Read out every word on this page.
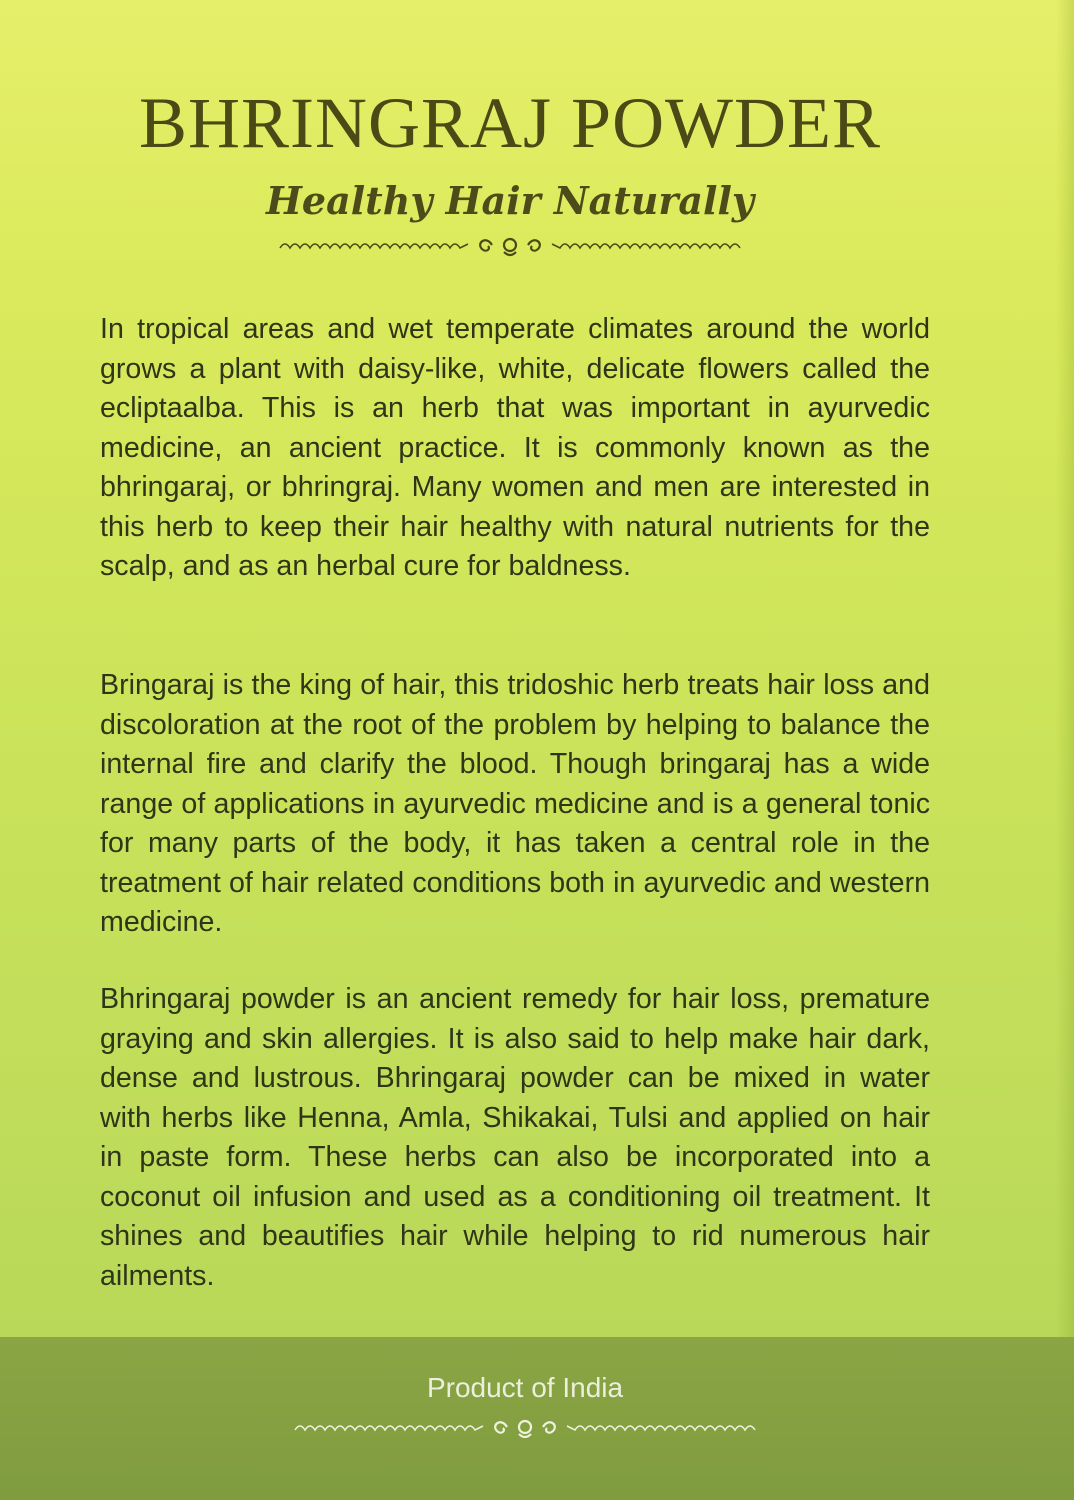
BHRINGRAJ POWDER

Healthy Hair Naturally

In tropical areas and wet temperate climates around the world grows a plant with daisy-like, white, delicate flowers called the ecliptaalba. This is an herb that was important in ayurvedic medicine, an ancient practice. It is commonly known as the bhringaraj, or bhringraj. Many women and men are interested in this herb to keep their hair healthy with natural nutrients for the scalp, and as an herbal cure for baldness.

Bringaraj is the king of hair, this tridoshic herb treats hair loss and discoloration at the root of the problem by helping to balance the internal fire and clarify the blood. Though bringaraj has a wide range of applications in ayurvedic medicine and is a general tonic for many parts of the body, it has taken a central role in the treatment of hair related conditions both in ayurvedic and western medicine.

Bhringaraj powder is an ancient remedy for hair loss, premature graying and skin allergies. It is also said to help make hair dark, dense and lustrous. Bhringaraj powder can be mixed in water with herbs like Henna, Amla, Shikakai, Tulsi and applied on hair in paste form. These herbs can also be incorporated into a coconut oil infusion and used as a conditioning oil treatment. It shines and beautifies hair while helping to rid numerous hair ailments.

Product of India
